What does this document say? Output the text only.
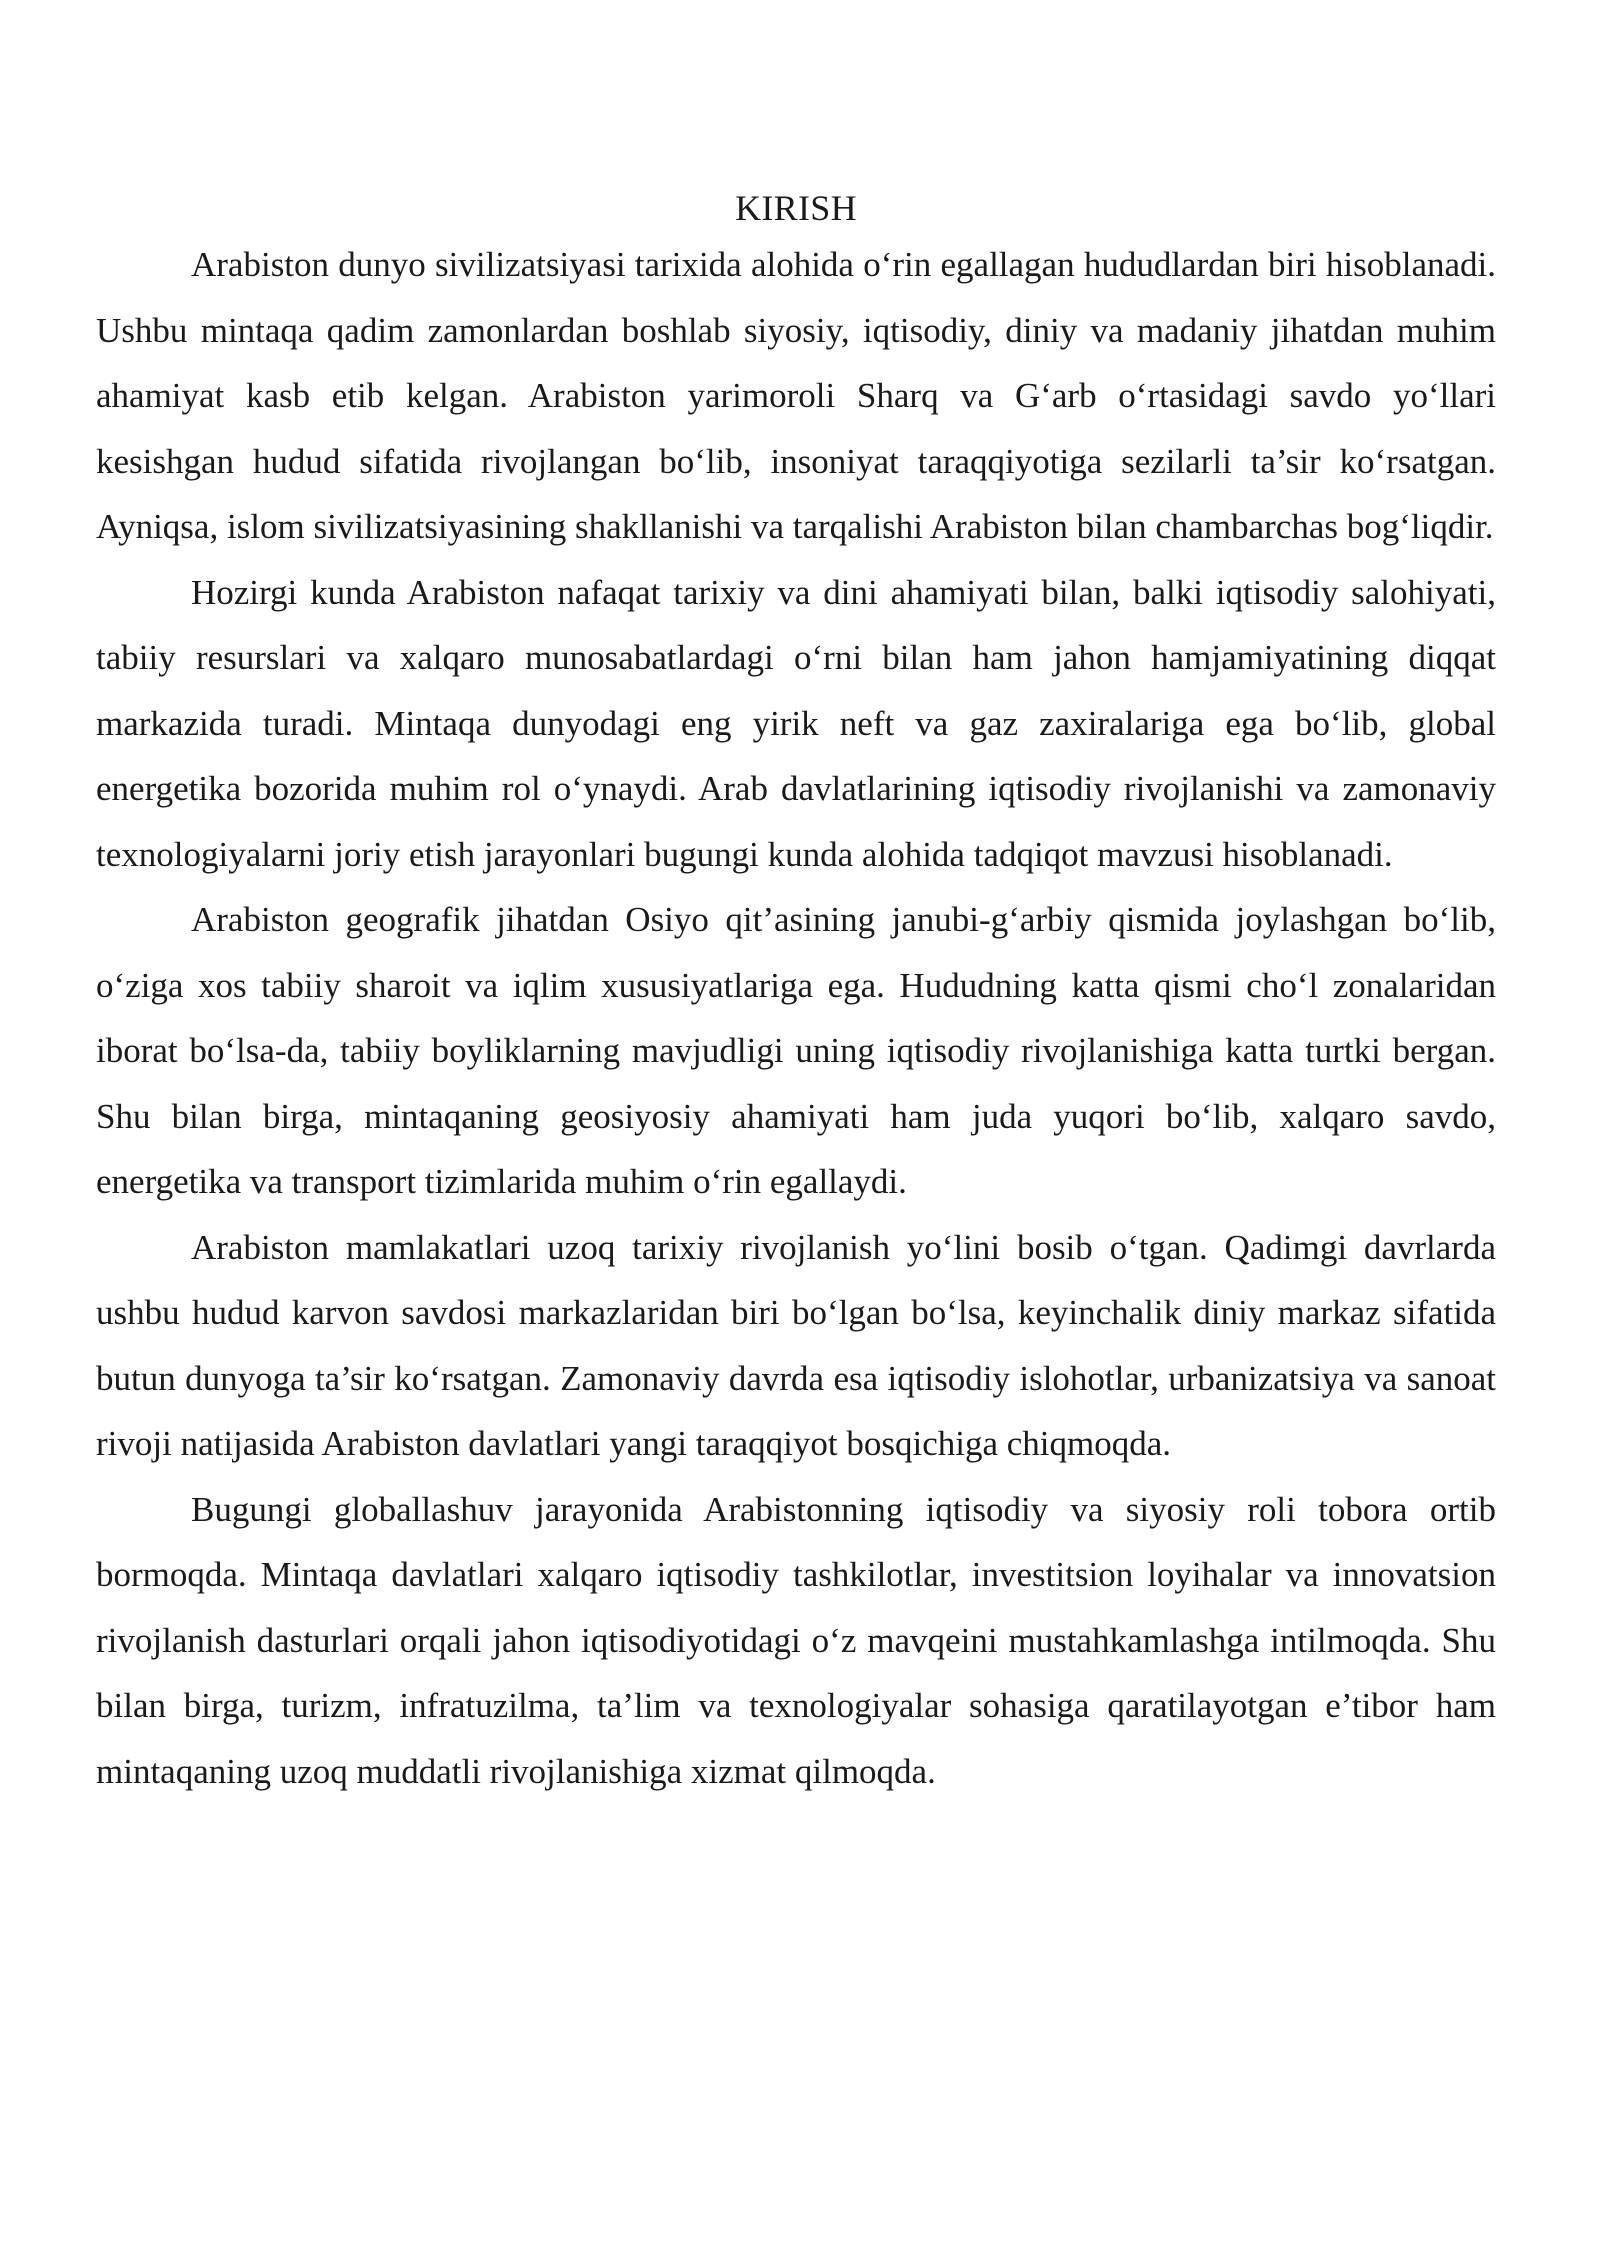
KIRISH

Arabiston dunyo sivilizatsiyasi tarixida alohida o‘rin egallagan hududlardan biri hisoblanadi. Ushbu mintaqa qadim zamonlardan boshlab siyosiy, iqtisodiy, diniy va madaniy jihatdan muhim ahamiyat kasb etib kelgan. Arabiston yarimoroli Sharq va G‘arb o‘rtasidagi savdo yo‘llari kesishgan hudud sifatida rivojlangan bo‘lib, insoniyat taraqqiyotiga sezilarli ta’sir ko‘rsatgan. Ayniqsa, islom sivilizatsiyasining shakllanishi va tarqalishi Arabiston bilan chambarchas bog‘liqdir.

Hozirgi kunda Arabiston nafaqat tarixiy va dini ahamiyati bilan, balki iqtisodiy salohiyati, tabiiy resurslari va xalqaro munosabatlardagi o‘rni bilan ham jahon hamjamiyatining diqqat markazida turadi. Mintaqa dunyodagi eng yirik neft va gaz zaxiralariga ega bo‘lib, global energetika bozorida muhim rol o‘ynaydi. Arab davlatlarining iqtisodiy rivojlanishi va zamonaviy texnologiyalarni joriy etish jarayonlari bugungi kunda alohida tadqiqot mavzusi hisoblanadi.

Arabiston geografik jihatdan Osiyo qit’asining janubi-g‘arbiy qismida joylashgan bo‘lib, o‘ziga xos tabiiy sharoit va iqlim xususiyatlariga ega. Hududning katta qismi cho‘l zonalaridan iborat bo‘lsa-da, tabiiy boyliklarning mavjudligi uning iqtisodiy rivojlanishiga katta turtki bergan. Shu bilan birga, mintaqaning geosiyosiy ahamiyati ham juda yuqori bo‘lib, xalqaro savdo, energetika va transport tizimlarida muhim o‘rin egallaydi.

Arabiston mamlakatlari uzoq tarixiy rivojlanish yo‘lini bosib o‘tgan. Qadimgi davrlarda ushbu hudud karvon savdosi markazlaridan biri bo‘lgan bo‘lsa, keyinchalik diniy markaz sifatida butun dunyoga ta’sir ko‘rsatgan. Zamonaviy davrda esa iqtisodiy islohotlar, urbanizatsiya va sanoat rivoji natijasida Arabiston davlatlari yangi taraqqiyot bosqichiga chiqmoqda.

Bugungi globallashuv jarayonida Arabistonning iqtisodiy va siyosiy roli tobora ortib bormoqda. Mintaqa davlatlari xalqaro iqtisodiy tashkilotlar, investitsion loyihalar va innovatsion rivojlanish dasturlari orqali jahon iqtisodiyotidagi o‘z mavqeini mustahkamlashga intilmoqda. Shu bilan birga, turizm, infratuzilma, ta’lim va texnologiyalar sohasiga qaratilayotgan e’tibor ham mintaqaning uzoq muddatli rivojlanishiga xizmat qilmoqda.
